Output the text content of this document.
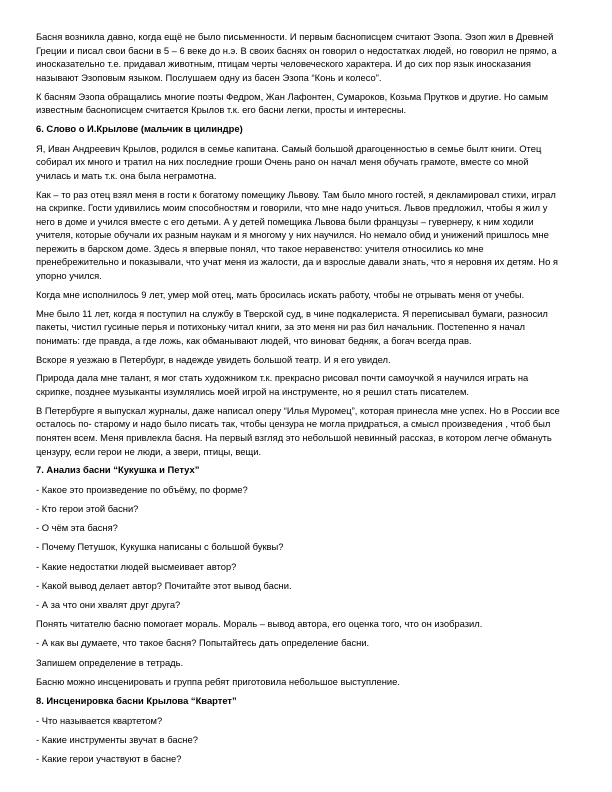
Басня возникла давно, когда ещё не было письменности. И первым баснописцем считают Эзопа. Эзоп жил в Древней Греции и писал свои басни в 5 – 6 веке до н.э. В своих баснях он говорил о недостатках людей, но говорил не прямо, а иносказательно т.е. придавал животным, птицам черты человеческого характера. И до сих пор язык иносказания называют Эзоповым языком. Послушаем одну из басен Эзопа “Конь и колесо”.

К басням Эзопа обращались многие поэты Федром, Жан Лафонтен, Сумароков, Козьма Прутков и другие. Но самым известным баснописцем считается Крылов т.к. его басни легки, просты и интересны.

6. Слово о И.Крылове (мальчик в цилиндре)

Я, Иван Андреевич Крылов, родился в семье капитана. Самый большой драгоценностью в семье былт книги. Отец собирал их много и тратил на них последние гроши Очень рано он начал меня обучать грамоте, вместе со мной училась и мать т.к. она была неграмотна.

Как – то раз отец взял меня в гости к богатому помещику Львову. Там было много гостей, я декламировал стихи, играл на скрипке. Гости удивились моим способностям и говорили, что мне надо учиться. Львов предложил, чтобы я жил у него в доме и учился вместе с его детьми. А у детей помещика Львова были французы – гувернеру, к ним ходили учителя, которые обучали их разным наукам и я многому у них научился. Но немало обид и унижений пришлось мне пережить в барском доме. Здесь я впервые понял, что такое неравенство: учителя относились ко мне пренебрежительно и показывали, что учат меня из жалости, да и взрослые давали знать, что я неровня их детям. Но я упорно учился.

Когда мне исполнилось 9 лет, умер мой отец, мать бросилась искать работу, чтобы не отрывать меня от учебы.

Мне было 11 лет, когда я поступил на службу в Тверской суд, в чине подкалериста. Я переписывал бумаги, разносил пакеты, чистил гусиные перья и потихоньку читал книги, за это меня ни раз бил начальник. Постепенно я начал понимать: где правда, а где ложь, как обманывают людей, что виноват бедняк, а богач всегда прав.

Вскоре я уезжаю в Петербург, в надежде увидеть большой театр. И я его увидел.

Природа дала мне талант, я мог стать художником т.к. прекрасно рисовал почти самоучкой я научился играть на скрипке, позднее музыканты изумлялись моей игрой на инструменте, но я решил стать писателем.

В Петербурге я выпускал журналы, даже написал оперу “Илья Муромец”, которая принесла мне успех. Но в России все осталось по- старому и надо было писать так, чтобы цензура не могла придраться, а смысл произведения , чтоб был понятен всем. Меня привлекла басня. На первый взгляд это небольшой невинный рассказ, в котором легче обмануть цензуру, если герои не люди, а звери, птицы, вещи.

7. Анализ басни “Кукушка и Петух”

- Какое это произведение по объёму, по форме?

- Кто герои этой басни?

- О чём эта басня?

- Почему Петушок, Кукушка написаны с большой буквы?

- Какие недостатки людей высмеивает автор?

- Какой вывод делает автор? Почитайте этот вывод басни.

- А за что они хвалят друг друга?

Понять читателю басню помогает мораль. Мораль – вывод автора, его оценка того, что он изобразил.

- А как вы думаете, что такое басня? Попытайтесь дать определение басни.

Запишем определение в тетрадь.

Басню можно инсценировать и группа ребят приготовила небольшое выступление.

8. Инсценировка басни Крылова “Квартет”

- Что называется квартетом?

- Какие инструменты звучат в басне?

- Какие герои участвуют в басне?
